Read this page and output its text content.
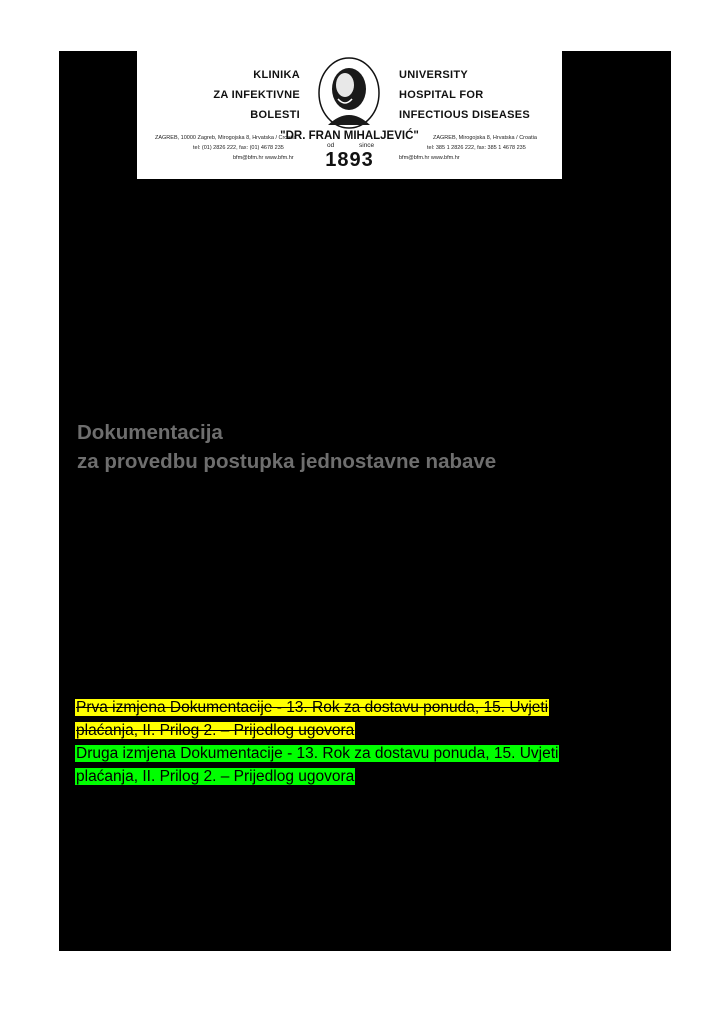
KLINIKA
ZA INFEKTIVNE
BOLESTI
UNIVERSITY
HOSPITAL FOR
INFECTIOUS DISEASES
ZAGREB, 10000 Zagreb, Mirogojska 8, Hrvatska / Croatia
tel: (01) 2826 222, fax: (01) 4678 235
bfm@bfm.hr www.bfm.hr
"DR. FRAN MIHALJEVIĆ"	ZAGREB, Mirogojska 8, Hrvatska / Croatia
tel: 385 1 2826 222, fax: 385 1 4678 235
bfm@bfm.hr www.bfm.hr
od	since
1893
Dokumentacija
za provedbu postupka jednostavne nabave
Prva izmjena Dokumentacije - 13. Rok za dostavu ponuda, 15. Uvjeti
plaćanja, II. Prilog 2. – Prijedlog ugovora
Druga izmjena Dokumentacije - 13. Rok za dostavu ponuda, 15. Uvjeti
plaćanja, II. Prilog 2. – Prijedlog ugovora
